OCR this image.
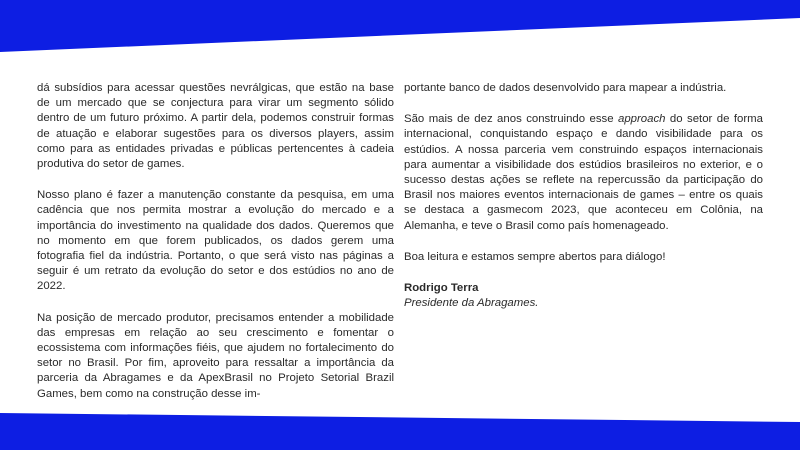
dá subsídios para acessar questões nevrálgicas, que estão na base de um mercado que se conjectura para virar um segmento sólido dentro de um futuro próximo. A partir dela, podemos construir formas de atuação e elaborar sugestões para os diversos players, assim como para as entidades privadas e públicas pertencentes à cadeia produtiva do setor de games.

Nosso plano é fazer a manutenção constante da pesquisa, em uma cadência que nos permita mostrar a evolução do mercado e a importância do investimento na qualidade dos dados. Queremos que no momento em que forem publicados, os dados gerem uma fotografia fiel da indústria. Portanto, o que será visto nas páginas a seguir é um retrato da evolução do setor e dos estúdios no ano de 2022.

Na posição de mercado produtor, precisamos entender a mobilidade das empresas em relação ao seu crescimento e fomentar o ecossistema com informações fiéis, que ajudem no fortalecimento do setor no Brasil. Por fim, aproveito para ressaltar a importância da parceria da Abragames e da ApexBrasil no Projeto Setorial Brazil Games, bem como na construção desse im-

portante banco de dados desenvolvido para mapear a indústria.

São mais de dez anos construindo esse approach do setor de forma internacional, conquistando espaço e dando visibilidade para os estúdios. A nossa parceria vem construindo espaços internacionais para aumentar a visibilidade dos estúdios brasileiros no exterior, e o sucesso destas ações se reflete na repercussão da participação do Brasil nos maiores eventos internacionais de games – entre os quais se destaca a gasmecom 2023, que aconteceu em Colônia, na Alemanha, e teve o Brasil como país homenageado.

Boa leitura e estamos sempre abertos para diálogo!

Rodrigo Terra
Presidente da Abragames.
